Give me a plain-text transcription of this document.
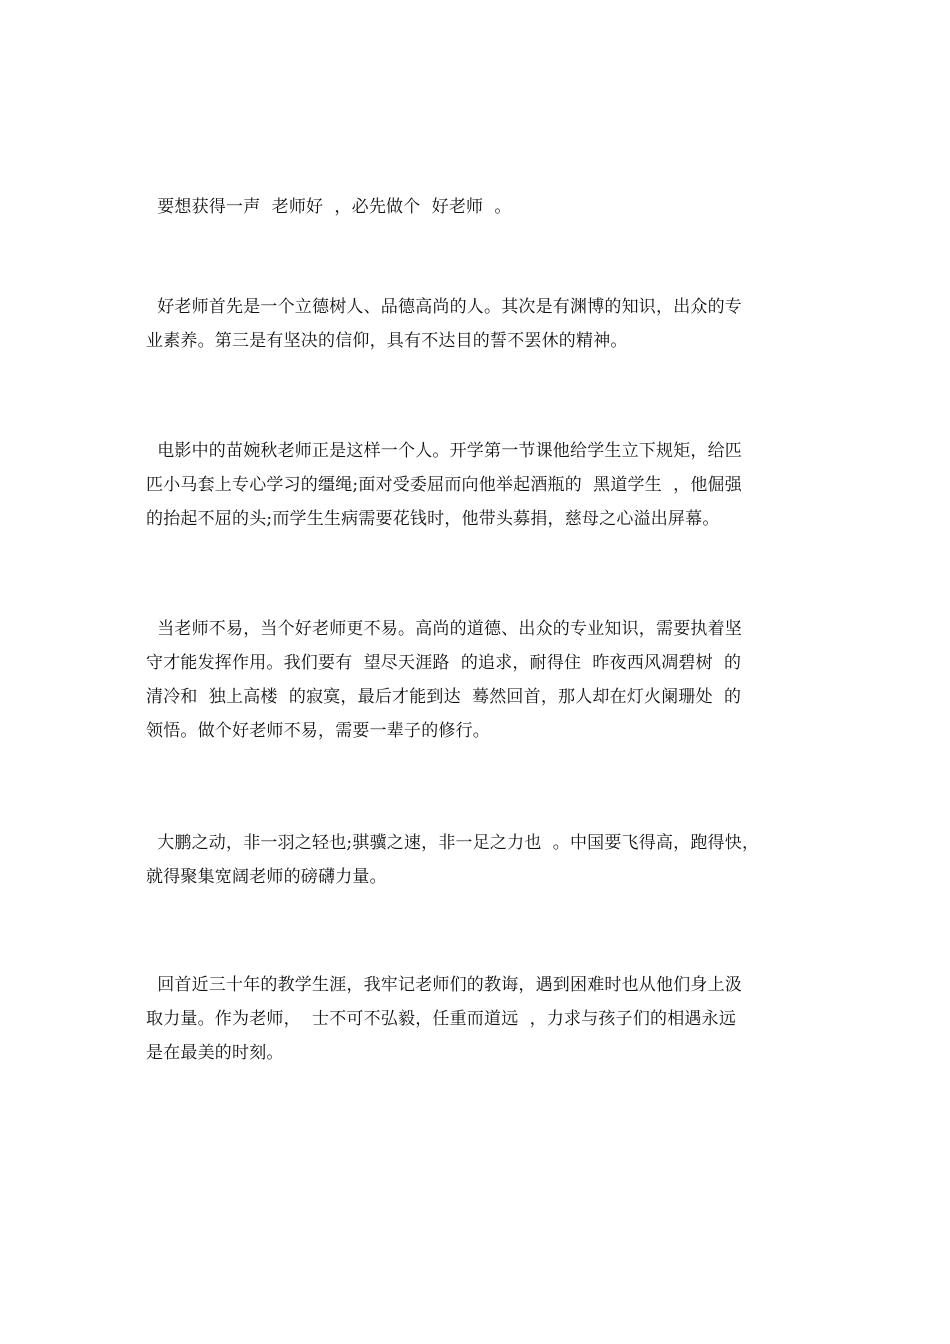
要想获得一声  老师好  ，必先做个  好老师  。
好老师首先是一个立德树人、品德高尚的人。其次是有渊博的知识，出众的专
业素养。第三是有坚决的信仰，具有不达目的誓不罢休的精神。
电影中的苗婉秋老师正是这样一个人。开学第一节课他给学生立下规矩，给匹
匹小马套上专心学习的缰绳;面对受委屈而向他举起酒瓶的  黑道学生  ，他倔强
的抬起不屈的头;而学生生病需要花钱时，他带头募捐，慈母之心溢出屏幕。
当老师不易，当个好老师更不易。高尚的道德、出众的专业知识，需要执着坚
守才能发挥作用。我们要有  望尽天涯路  的追求，耐得住  昨夜西风凋碧树  的
清冷和  独上高楼  的寂寞，最后才能到达  蓦然回首，那人却在灯火阑珊处  的
领悟。做个好老师不易，需要一辈子的修行。
大鹏之动，非一羽之轻也;骐骥之速，非一足之力也  。中国要飞得高，跑得快，
就得聚集宽阔老师的磅礴力量。
回首近三十年的教学生涯，我牢记老师们的教诲，遇到困难时也从他们身上汲
取力量。作为老师，  士不可不弘毅，任重而道远  ，力求与孩子们的相遇永远
是在最美的时刻。
